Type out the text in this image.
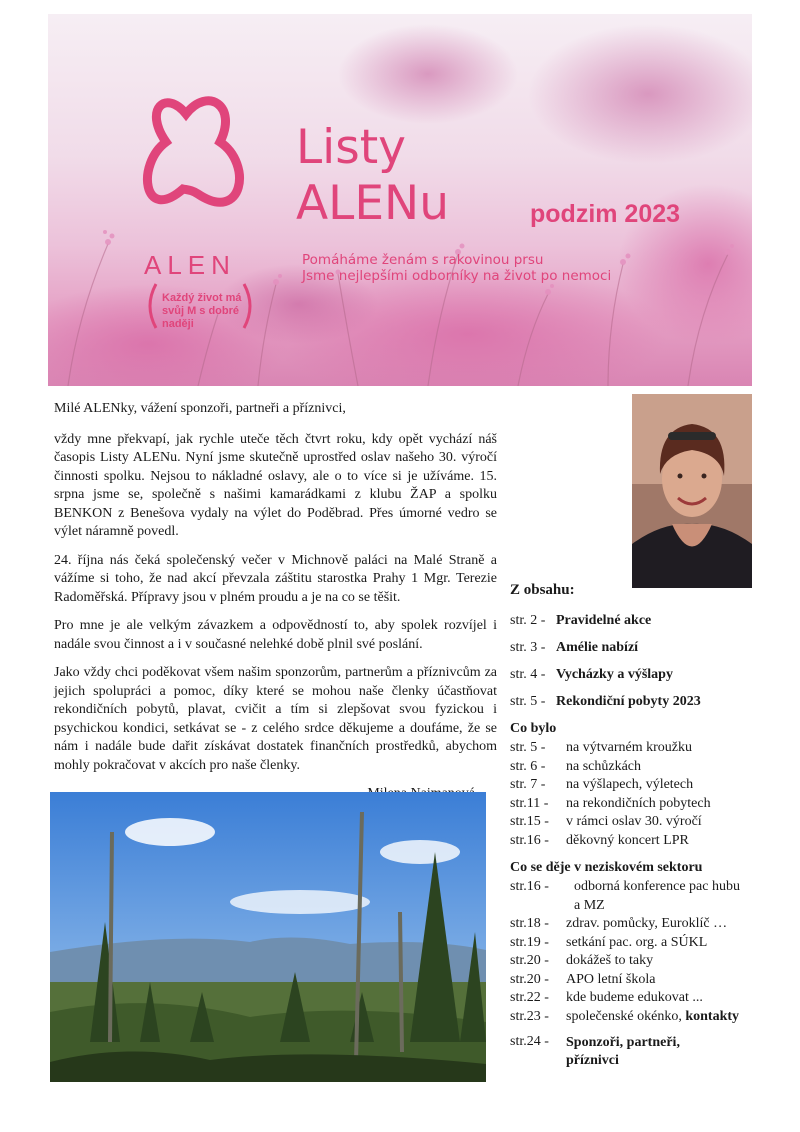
Listy
ALENu	podzim 2023
Pomáháme ženám s rakovinou prsu
Jsme nejlepšími odborníky na život po nemoci
ALEN
Každý život má svůj M s dobré naději

Milé ALENky, vážení sponzoři, partneři a příznivci,

vždy mne překvapí, jak rychle uteče těch čtvrt roku, kdy opět vychází náš časopis Listy ALENu. Nyní jsme skutečně uprostřed oslav našeho 30. výročí činnosti spolku. Nejsou to nákladné oslavy, ale o to více si je užíváme. 15. srpna jsme se, společně s našimi kamarádkami z klubu ŽAP a spolku BENKON z Benešova vydaly na výlet do Poděbrad. Přes úmorné vedro se výlet náramně povedl.

24. října nás čeká společenský večer v Michnově paláci na Malé Straně a vážíme si toho, že nad akcí převzala záštitu starostka Prahy 1 Mgr. Terezie Radoměřská. Přípravy jsou v plném proudu a je na co se těšit.

Pro mne je ale velkým závazkem a odpovědností to, aby spolek rozvíjel i nadále svou činnost a i v současné nelehké době plnil své poslání.

Jako vždy chci poděkovat všem našim sponzorům, partnerům a příznivcům za jejich spolupráci a pomoc, díky které se mohou naše členky účastňovat rekondičních pobytů, plavat, cvičit a tím si zlepšovat svou fyzickou i psychickou kondici, setkávat se - z celého srdce děkujeme a doufáme, že se nám i nadále bude dařit získávat dostatek finančních prostředků, abychom mohly pokračovat v akcích pro naše členky.

Z obsahu:
str. 2 - Pravidelné akce
str. 3 - Amélie nabízí
str. 4 - Vycházky a výšlapy
str. 5 - Rekondiční pobyty 2023
Co bylo
str. 5 -	na výtvarném kroužku
str. 6 -	na schůzkách
str. 7 -	na výšlapech, výletech
str.11 -	na rekondičních pobytech
str.15 -	v rámci oslav 30. výročí
str.16 -	děkovný koncert LPR
Co se děje v neziskovém sektoru
str.16 -	odborná konference pac hubu a MZ
str.18 -	zdrav. pomůcky, Euroklíč …
str.19 -	setkání pac. org. a SÚKL
str.20 -	dokážeš to taky
str.20 -	APO letní škola
str.22 -	kde budeme edukovat ...
str.23 -	společenské okénko, kontakty
str.24 -	Sponzoři, partneři, příznivci
